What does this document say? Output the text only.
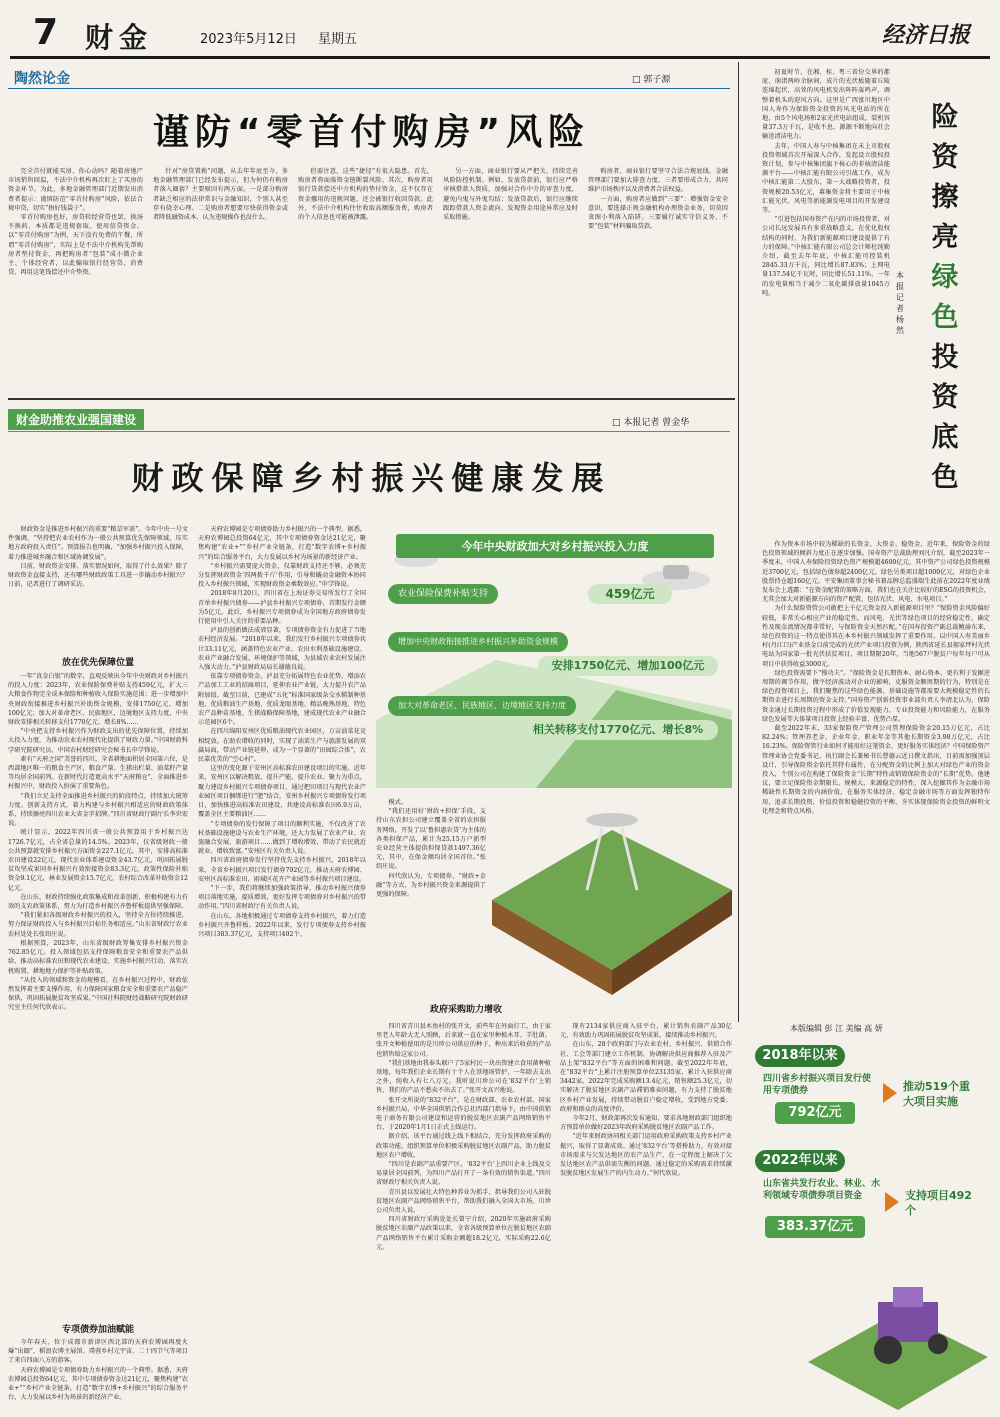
7 财金	2023年5月12日 星期五	经济日报
陶然论金	□ 郭子源
谨防“零首付购房”风险

完全首付就能买房，你心动吗？随着房地产市场销售回温，不法中介机构再次盯上了买房的资金环节。为此，多地金融管理部门近期发出消费者提示：谨慎防范“零首付购房”风险，依法合规申贷，切实“捂好钱袋子”。

零首付购房也好，房贷转经营贷也罢，换汤不换药，本质都是违规套取、使用信贷资金。以“零首付购房”为例，天下没有免费的午餐，所谓“零首付购房”，实际上是不法中介机构先帮购房者垫付资金，再把购房者“包装”成小微企业主、个体经营者，以此骗取银行经营贷、消费贷，再用这笔钱偿还中介垫资。

针对“房贷置换”问题，从去年年底至今，多地金融管理部门已经发布提示，但为何仍有购房者落入圈套？主要原因有两方面。一是部分购房者缺乏相应的法律常识与金融知识，个别人甚至存有侥幸心理。二是购房者想要尽快获得资金或者降低融资成本，认为违规操作也没什么。

但需注意，这些“捷径”有很大隐患。首先，购房者将面临资金链断裂风险。其次，购房者用银行贷款偿还中介机构的垫付资金，这不仅存在资金挪用的违规问题，还会被银行收回贷款。此外，不法中介机构往往收取高额服务费，购房者的个人信息也可能被泄露。

另一方面，商业银行要从严把关，持续完善风险防控机制。例如，发放贷款前，银行应严格审核借款人资质，加强对合作中介的审查力度，避免内鬼与外鬼勾结；发放贷款后，银行应继续跟踪借款人资金流向，发现资金用途异常应及时采取措施。

购房者、商业银行要坚守合法合规底线，金融管理部门要加大排查力度，三者要形成合力，共同维护市场秩序以及消费者合法权益。

一方面，购房者应做到“三要”：增强资金安全意识，要选择正规金融机构办理资金业务，切莫因贪图小利落入陷阱。三要履行诚实守信义务，不要“包装”材料骗取贷款。

财金助推农业强国建设	□ 本报记者 曾金华
财政保障乡村振兴健康发展

财政资金是推进乡村振兴的重要“粮草军需”。今年中央一号文件强调，“坚持把农业农村作为一般公共预算优先保障领域，压实地方政府投入责任”。预算报告也明确，“加强乡村振兴投入保障，着力推进城乡融合和区域协调发展”。

目前，财政资金安排、落实情况如何，取得了什么效果？除了财政资金直接支持，还有哪些财政政策工具进一步撬动乡村振兴？日前，记者进行了调研采访。

放在优先保障位置

一年“真金白银”的数字，直观反映出今年中央财政对乡村振兴的投入力度：2023年，农业保险保费补贴支持459亿元，扩大三大粮食作物完全成本保险和种植收入保险实施范围；进一步增加中央财政衔接推进乡村振兴补助资金规模，安排1750亿元、增加100亿元；加大对革命老区、民族地区、边境地区支持力度，中央财政安排相关转移支付1770亿元、增长8%……

“中央把支持乡村振兴作为财政支出的优先保障位置，持续加大投入力度，为推动农业农村现代化提供了财政力量。”中国财政科学研究院研究员、中国农村财经研究会秘书长申学锋说。

素有“天府之国”美誉的四川，全省耕地面积居全国第六位，是西部地区唯一的粮食主产区，粮食产量、生猪出栏量、油菜籽产量等均居全国前列。在新时代打造更高水平“天府粮仓”，全面推进乡村振兴中，财政投入扮演了重要角色。

“我们立足支持全面推进乡村振兴的阶段特点，持续加大统筹力度、创新支持方式，着力构建与乡村振兴相适应的财政政策体系，持续擦亮四川农业大省金字招牌。”四川省财政厅副厅长李世宏说。

统计显示，2022年四川省一般公共预算用于乡村振兴达1726.7亿元，占全省总量的14.5%。2023年，仅省级财政一般公共预算就安排乡村振兴方面资金227.1亿元。其中，安排高标准农田建设22亿元，现代农业体系建设资金43.7亿元，巩固拓展脱贫攻坚成果同乡村振兴有效衔接资金83.3亿元，政策性保险补贴资金9.1亿元，林业发展资金15.7亿元，农村综合改革补助资金12亿元。

在山东，财政持续强化政策集成和改革创新，积极构建有力有效的支农政策体系，努力为打造乡村振兴齐鲁样板提供坚强保障。

“我们紧扣各级财政乡村振兴的投入，坚持全方位持续推进，努力保证财政投入与乡村振兴目标任务相适应。”山东省财政厅农业农村处处长张绍庄说。

根据预算，2023年，山东省级财政筹集安排乡村振兴资金762.85亿元。投入领域包括支持保障粮食安全和重要农产品供给、推动高标准农田和现代农业建设、实施乡村振兴行动、落实农机购置、耕地地力保护等补贴政策。

“从投入的领域和资金的规模看，在乡村振兴过程中，财政依然发挥着主要支撑作用，有力保障国家粮食安全和重要农产品稳产保供，巩固拓展脱贫攻坚成果。”中国社科院财经战略研究院财政研究室主任何代欣表示。

专项债券加油赋能

今年春天，位于成都市新津区西北部的天府农博园再度火爆“出圈”，稻浪农博主展馆、璞蓉乡村元宇宙、二十四节气等项目了来自四面八方的游客。

天府农博园是专项债券助力乡村振兴的一个典型。据悉，天府农博园总投资64亿元，其中专项债券资金达21亿元，聚焦构建“农业+”“乡村产业全链条，打造“数字农博+乡村振兴”的综合服务平台，大力发展以乡村为场景的新经济产业。

天府农博园是专项债券助力乡村振兴的一个典型。据悉，天府农博园总投资64亿元，其中专项债券资金达21亿元，聚焦构建“农业+”“乡村产业全链条，打造“数字农博+乡村振兴”的综合服务平台，大力发展以乡村为场景的新经济产业。

“乡村振兴需要庞大资金，仅靠财政支持还不够，必须充分发挥财政资金‘四两拨千斤’作用，引导和撬动金融资本协同投入乡村振兴领域，实现财政资金乘数效应。”申学锋说。

2018年8月20日，四川省在上海证券交易所发行了全国首单乡村振兴债券——泸县乡村振兴专项债券，首期发行金额为5亿元。此后，乡村振兴专项债券成为全国地方政府债券发行使用中引人关注的重要品种。

泸县的创新做法成效显著，专项债券资金有力促进了当地农村经济发展。“2018年以来，我们发行乡村振兴专项债券共计33.11亿元，涵盖特色农业产业、农田水利基础设施建设、农业产业融合发展、环境保护等领域，为县域农业农村发展注入强大动力。”泸县财政局局长谢德良说。

依靠专项债券资金，泸县充分拓展特色农业优势，增添农产品加工工业的招商项目，延伸农业产业链，大力提升农产品附加值。截至目前，已建成“五化”标准国家级杂交水稻制种基地、优质粮油生产基地、优质龙眼基地、精品晚熟基地、特色农产品种苗基地、生猪战略保障基地，建成现代农业产业融合示范园区6个。

在四川绵阳安州区优质粮油现代农业园区，万亩油菜花竞相绽放。在助农增收的同时，实现了油菜生产与旅游发展的双赢局面，带动产业链延伸，成为一个显著的“田园综合体”，农民靠优美的“空心村”。

这里的变化源于安州区高标准农田建设项目的实施。近年来，安州区以解决粗放、提升产能、提升农业、聚力为重点，聚力建设乡村振兴专项债券项目，通过把田项目与现代农业产业园区项目捆绑进行“肥”结合，安州乡村振兴专项债券发行项目，加快推进高标准农田建设，共建设高标准农田6.9万亩，覆盖全区主要粮油区……

“专项债券的发行保障了项目的顺利实施，不仅改善了农村基础设施建设与农业生产环境，还大力发展了农业产业、农旅融合发展、旅游项目……做到了增收增效，带动了农民就近就业、增收致富。”安州区有关负责人说。

四川省政府债券发行坚持优先支持乡村振兴，2018年以来，全省乡村振兴项目发行债券792亿元，推动天府农博园、安州区高标准农田、雨城区花卉产业园等乡村振兴项目建设。

“下一步，我们将继续加强政策指导，推动乡村振兴债券项目落地实施，提质增效，更好发挥专项债券对乡村振兴的带动作用。”四川省财政厅有关负责人说。

在山东，各地积极通过专项债券支持乡村振兴，着力打造乡村振兴齐鲁样板。2022年以来，发行专项债券支持乡村振兴项目383.37亿元，支持项目492个。

今年中央财政加大对乡村振兴投入力度
农业保险保费补贴支持	459亿元
增加中央财政衔接推进乡村振兴补助资金规模
安排1750亿元、增加100亿元
加大对革命老区、民族地区、边境地区支持力度
相关转移支付1770亿元、增长8%

模式。

“我们还用好‘财政+担保’手段，支持山东农担公司建立覆盖全省的农担服务网络，开发了以‘鲁担惠农贷’为主体的各类担保产品，累计为25.15万户新型农业经营主体提供担保贷款1497.36亿元，其中，在保金额均居全国首位。”张绍庄说。

何代欣认为，专项债券、“财政+金融”等方式，为乡村振兴资金来源提供了更强的保障。

政府采购助力增收

四川省青川县木鱼村的张开文，前些年在外面打工，由于家里老人年龄大无人照顾，后来就一直在家里种植木耳、羊肚菌。张开文种植使用的是川珍公司供应的种子，种出来后收获的产品也销售给这家公司。

“我们基地由我奉头联户了5家村民一块出资建立食用菌种植基地，每年我们企业长期有十个人在基地场管护，一年除去支出之外，纯收入有七八万元。我听说川珍公司在‘832平台’上销售，我们的产品不愁卖不出去了。”张开文高兴地说。

张开文所说的“832平台”，是在财政部、农业农村部、国家乡村振兴局、中华全国供销合作总社四部门指导下，由中国供销电子商务有限公司建设和运营的脱贫地区农副产品网络销售平台，于2020年1月1日正式上线运行。

据介绍，该平台通过线上线下相结合，充分发挥政府采购的政策功能，组织预算单位积极采购脱贫地区农副产品，助力脱贫地区农户增收。

“四川是农副产品重要产区，‘832平台’上四川企业上线及交易量居全国前列，为四川产品打开了一条有效的销售渠道。”四川省财政厅相关负责人说。

青川县以发展壮大特色种养业为抓手，指导我们公司入驻脱贫地区农副产品网络销售平台，帮助我们融入全国大市场。川珍公司负责人说。

四川省财政厅采购处处长曾宁介绍，2020年实施政府采购脱贫地区农副产品政策以来，全省各级预算单位在脱贫地区农副产品网络销售平台累计采购金额超18.2亿元，实际采购22.6亿元。

现有2134家供应商入驻平台，累计销售农副产品30亿元，有效助力巩固拓展脱贫攻坚成果，接续推动乡村振兴。

在山东，28个政府部门与农业农村、乡村振兴、供销合作社、工会等部门建立工作机制，协调解决供应商推荐入驻及产品上架“832平台”等方面的困难和问题。截至2022年年底，在“832平台”上累计注册预算单位23135家，累计入驻供应商3442家。2022年完成采购额13.4亿元，销售额25.3亿元，切实解决了脱贫地区农副产品滞销难卖问题，有力支持了脱贫地区乡村产业发展，持续带动脱贫户稳定增收，受到地方党委、政府和群众的高度评价。

今年2月，财政部再次发布通知，要求各地财政部门组织地方预算单位做好2023年政府采购脱贫地区农副产品工作。

“近年来财政协同相关部门运用政府采购政策支持乡村产业振兴，取得了显著成效。通过‘832平台’等搭桥助力，有效对接市场需求与欠发达地区的农产品生产，在一定程度上解决了欠发达地区农产品供需失衡的问题。通过稳定的采购需求持续激发脱贫地区发展生产的内生动力。”何代欣说。

初夏时节，在湘、桂、粤三省份交界的都庞、萌渚两岭余脉间，成片的光伏板随着丘陵连绵起伏，高耸的风电机发出阵阵轰鸣声，调整着机头的迎风方向。这里是广西富川地区中国人寿作为保险资金投资的风光电站的所在地，由5个风电场和2家光伏电站组成，装机容量37.3万千瓦，是收不息、源源不断地向社会输送清洁电力。

去年，中国人寿与中核集团在未上市股权投资领域首次开展深入合作，发起设立股权投资计划，参与中核集团旗下核心的非核清洁能源平台——中核汇能有限公司引战工作，成为中核汇能第二大股东，第一大战略投资者，投资规模20.53亿元，募集资金将主要用于中核汇能光伏、风电等新能源发电项目的开发建设等。

“引进包括国寿资产在内的市场投资者，对公司长远发展具有多重战略意义，在优化股权结构的同时，为我们新能源项目建设提供了有力的保障。”中核汇能有限公司总会计师杜纯勤介绍，截至去年年底，中核汇能可控装机2845.33万千瓦，同比增长87.83%；上网电量137.54亿千瓦时，同比增长51.11%，一年的发电量相当于减少二氧化碳排放量1045万吨。

险
资
擦
亮
绿
色
投
资
底
色
本报记者 杨 然

作为资本市场中较为稀缺的长资金、大资金、稳资金，近年来，保险资金的绿色投资领域的倾斜力度正在逐步加强。国寿资产总裁助理刘凡介绍，截至2023年一季度末，中国人寿保险投资绿色资产规模超4600亿元，其中资产公司绿色投资规模近3700亿元，包括绿色债券超2400亿元、绿色另类项目超1000亿元，对绿色企业股票持仓超160亿元。平安集团董事会秘书兼品牌总监盛瑞生此前在2022年度业绩发布会上透露：“在资金配置的策略方面，我们也在关注比较好的ESG的投资机会，尤其会加大对新能源方向的资产配置，包括光伏、风电、水电项目。”

为什么保险资管公司敢把上千亿元资金投入新能源项目里？“保险资金风险偏好较低，非常关心相应产业的稳定性。而风电、光伏等绿色项目的经营稳定性、确定性及现金流情况都非常好，与保险资金天然匹配。”在国寿投资产副总裁鲍渝东来，绿色投资的这一特点使得其在本乡村振兴领域发挥了重要作用。以中国人寿美丽乡村(丹江口)产业基金目前完成的光伏产业项目投资为例，陕西省延长县郝家坪村光伏电站为国家第一批光伏扶贫项目，项目期限20年，当地567户脱贫户每年每户可从项目中获得收益3000元。

绿色投资需要下“慢功夫”。“保险资金是长期资本、耐心资本，更有利于发掘逆周期的调节作用，做平经济波动对企业的影响，克服资金顺周期的行为，特别是在绿色投资项目上，我们聚焦的这些绿色能源、基础设施等都需要大规模稳定性的长期资金进行长周期的资金支持。”国寿资产创新投资事业部负责人李清北认为，保险资金通过长期投资过程中形成了价值发现能力，专业投资能力和风险能力，在服务绿色发展等大体量项目投资上经验丰富、优势凸显。

截至2022年末，33家保险资产管理公司管理保险资金20.15万亿元，占比82.24%；管理养老金、企业年金、职业年金等其他长期资金3.98万亿元，占比16.23%。保险资管行业如何才能用好这笔资金、更好服务实体经济？中国保险资产管理业协会党委书记、执行副会长兼秘书长曹德云近日撰文指出，目前需加强顶层设计，引导保险资金依托其特有属性，在分配资金的比例上加大对绿色产业的资金投入，个别公司在构建了保险资金“长期”特性或销毁保险资金的“长期”优势。他建议，要立足保险资金期限长、规模大、来源稳定的特性，深入挖掘其作为金融市场稀缺性长期资金的内涵价值，在服务实体经济、稳定金融市场等方面发挥独特作用，追求长期投资，价值投资和稳健投资的平衡，夯实体现保险资金投资的鲜明文化理念和特点风格。

本版编辑 彭 江 美编 高 妍
2018年以来
四川省乡村振兴项目发行使用专项债券
792亿元
推动519个重大项目实施
2022年以来
山东省共发行农业、林业、水利领域专项债券项目资金
383.37亿元
支持项目492个
